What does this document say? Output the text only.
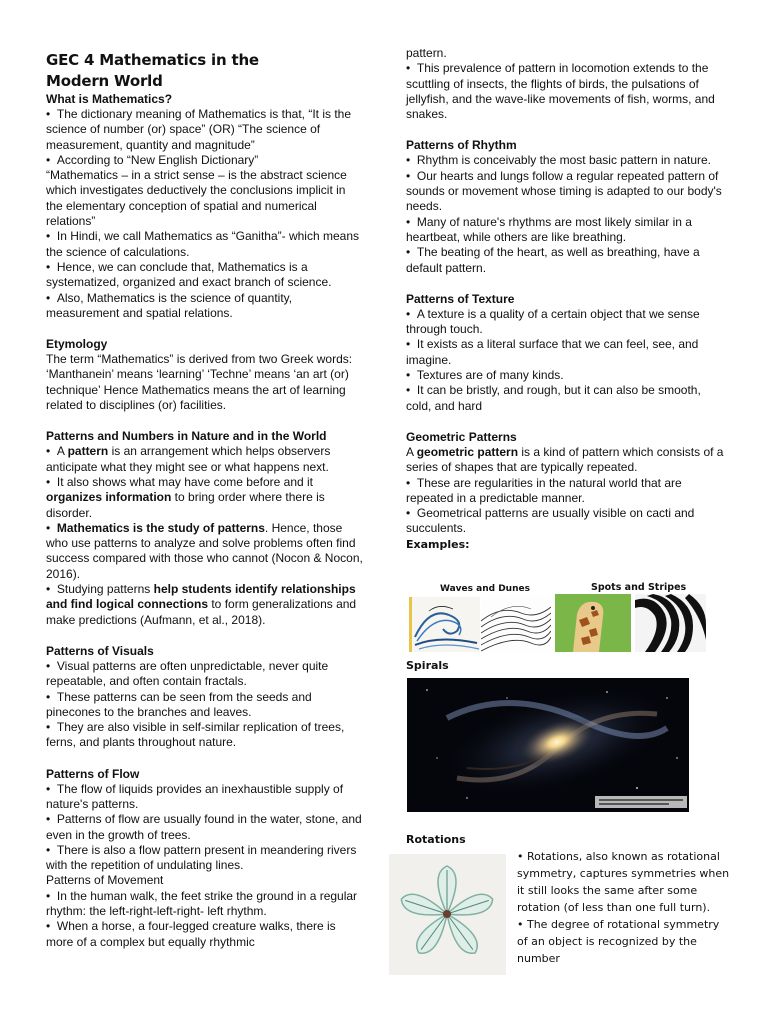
GEC 4 Mathematics in the
Modern World
What is Mathematics?

•  The dictionary meaning of Mathematics is that, “It is the science of number (or) space” (OR) “The science of measurement, quantity and magnitude”

•  According to “New English Dictionary”

“Mathematics – in a strict sense – is the abstract science which investigates deductively the conclusions implicit in the elementary conception of spatial and numerical relations”

•  In Hindi, we call Mathematics as “Ganitha”- which means the science of calculations.

•  Hence, we can conclude that, Mathematics is a systematized, organized and exact branch of science.

•  Also, Mathematics is the science of quantity, measurement and spatial relations.

Etymology

The term “Mathematics” is derived from two Greek words: ‘Manthanein’ means ‘learning’ ‘Techne’ means ‘an art (or) technique’ Hence Mathematics means the art of learning related to disciplines (or) facilities.

Patterns and Numbers in Nature and in the World

•  A pattern is an arrangement which helps observers anticipate what they might see or what happens next.

•  It also shows what may have come before and it organizes information to bring order where there is disorder.

•  Mathematics is the study of patterns. Hence, those who use patterns to analyze and solve problems often find success compared with those who cannot (Nocon & Nocon, 2016).

•  Studying patterns help students identify relationships and find logical connections to form generalizations and make predictions (Aufmann, et al., 2018).

Patterns of Visuals

•  Visual patterns are often unpredictable, never quite repeatable, and often contain fractals.

•  These patterns can be seen from the seeds and pinecones to the branches and leaves.

•  They are also visible in self-similar replication of trees, ferns, and plants throughout nature.

Patterns of Flow

•  The flow of liquids provides an inexhaustible supply of nature's patterns.

•  Patterns of flow are usually found in the water, stone, and even in the growth of trees.

•  There is also a flow pattern present in meandering rivers with the repetition of undulating lines.

Patterns of Movement

•  In the human walk, the feet strike the ground in a regular rhythm: the left-right-left-right- left rhythm.

•  When a horse, a four-legged creature walks, there is more of a complex but equally rhythmic

pattern.

•  This prevalence of pattern in locomotion extends to the scuttling of insects, the flights of birds, the pulsations of jellyfish, and the wave-like movements of fish, worms, and snakes.

Patterns of Rhythm

•  Rhythm is conceivably the most basic pattern in nature.

•  Our hearts and lungs follow a regular repeated pattern of sounds or movement whose timing is adapted to our body's needs.

•  Many of nature's rhythms are most likely similar in a heartbeat, while others are like breathing.

•  The beating of the heart, as well as breathing, have a default pattern.

Patterns of Texture

•  A texture is a quality of a certain object that we sense through touch.

•  It exists as a literal surface that we can feel, see, and imagine.

•  Textures are of many kinds.

•  It can be bristly, and rough, but it can also be smooth, cold, and hard

Geometric Patterns

A geometric pattern is a kind of pattern which consists of a series of shapes that are typically repeated.

•  These are regularities in the natural world that are repeated in a predictable manner.

•  Geometrical patterns are usually visible on cacti and succulents.

Examples:

Waves and Dunes	Spots and Stripes
Spirals
Rotations

• Rotations, also known as rotational symmetry, captures symmetries when it still looks the same after some rotation (of less than one full turn).

• The degree of rotational symmetry of an object is recognized by the number
